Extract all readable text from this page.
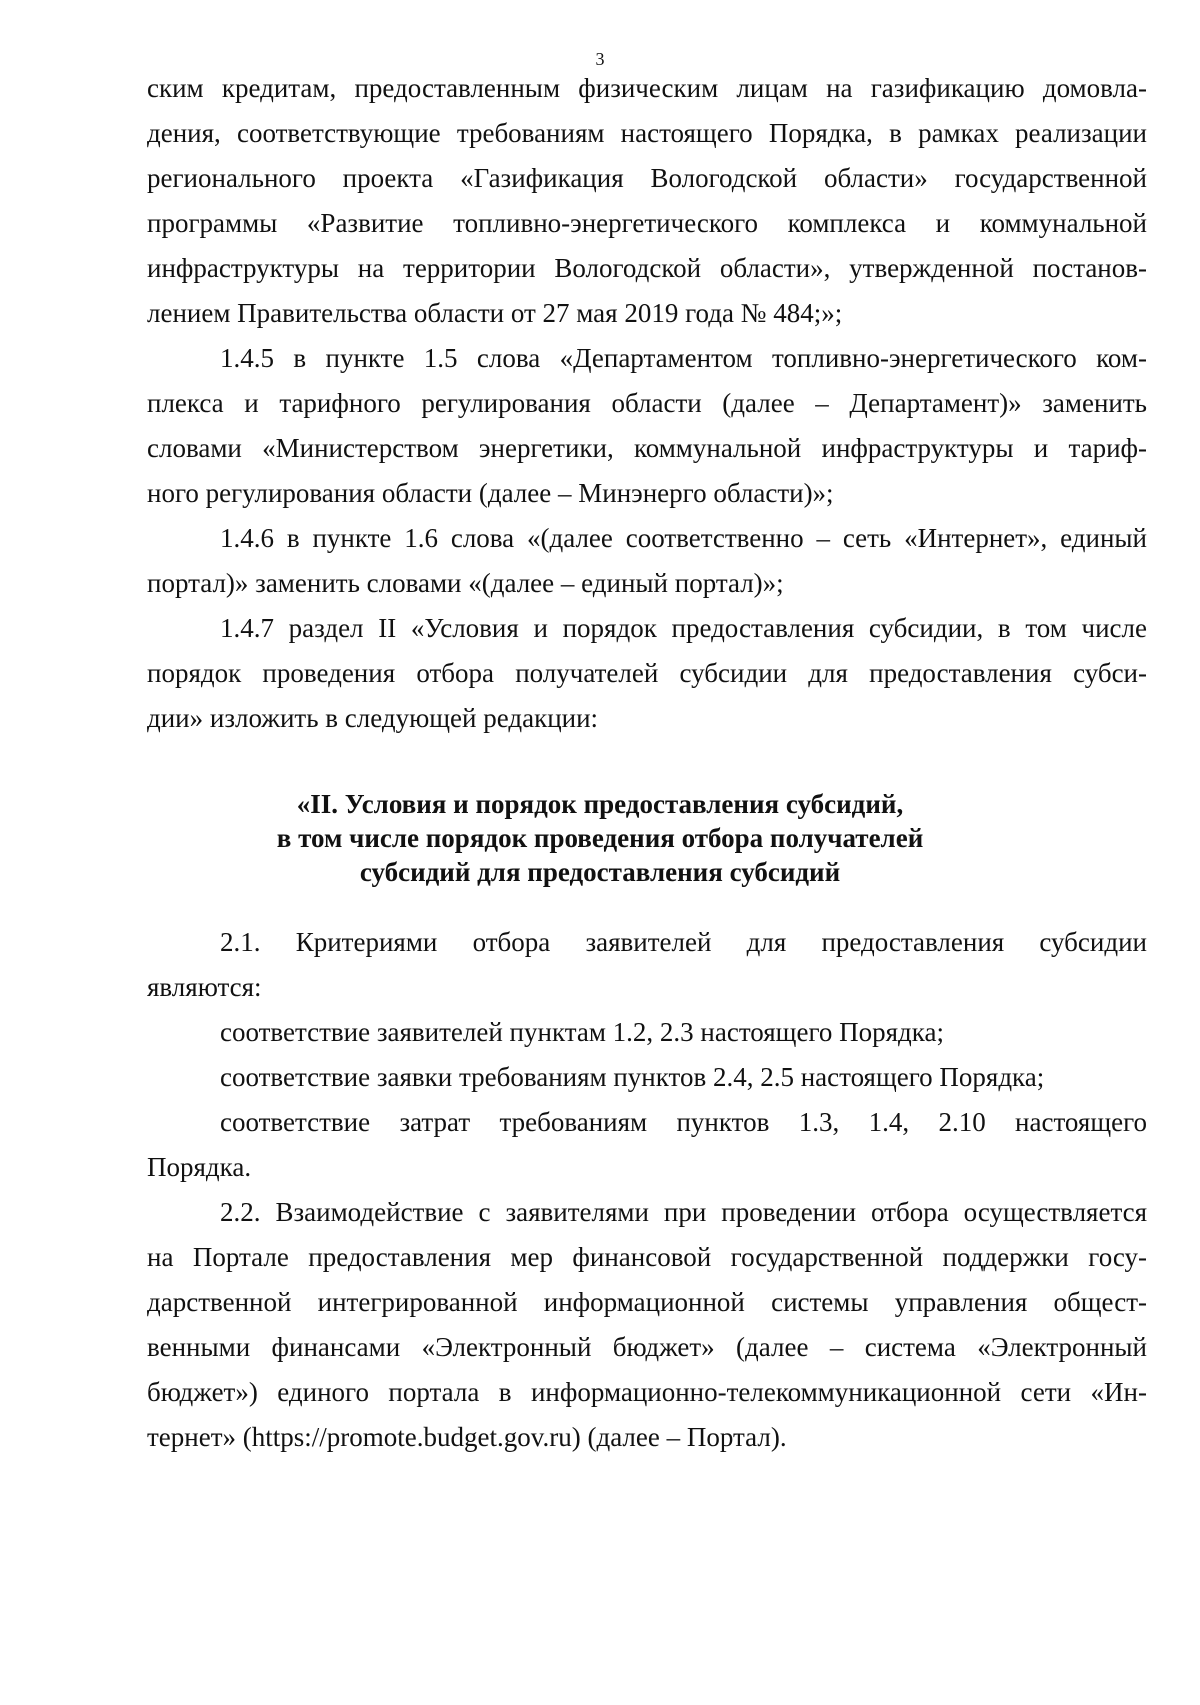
3
ским кредитам, предоставленным физическим лицам на газификацию домовла-
дения, соответствующие требованиям настоящего Порядка, в рамках реализации
регионального проекта «Газификация Вологодской области» государственной
программы «Развитие топливно-энергетического комплекса и коммунальной
инфраструктуры на территории Вологодской области», утвержденной постанов-
лением Правительства области от 27 мая 2019 года № 484;»;
1.4.5 в пункте 1.5 слова «Департаментом топливно-энергетического ком-
плекса и тарифного регулирования области (далее – Департамент)» заменить
словами «Министерством энергетики, коммунальной инфраструктуры и тариф-
ного регулирования области (далее – Минэнерго области)»;
1.4.6 в пункте 1.6 слова «(далее соответственно – сеть «Интернет», единый
портал)» заменить словами «(далее – единый портал)»;
1.4.7 раздел II «Условия и порядок предоставления субсидии, в том числе
порядок проведения отбора получателей субсидии для предоставления субси-
дии» изложить в следующей редакции:
«II. Условия и порядок предоставления субсидий,
в том числе порядок проведения отбора получателей
субсидий для предоставления субсидий
2.1. Критериями отбора заявителей для предоставления субсидии
являются:
соответствие заявителей пунктам 1.2, 2.3 настоящего Порядка;
соответствие заявки требованиям пунктов 2.4, 2.5 настоящего Порядка;
соответствие затрат требованиям пунктов 1.3, 1.4, 2.10 настоящего
Порядка.
2.2. Взаимодействие с заявителями при проведении отбора осуществляется
на Портале предоставления мер финансовой государственной поддержки госу-
дарственной интегрированной информационной системы управления общест-
венными финансами «Электронный бюджет» (далее – система «Электронный
бюджет») единого портала в информационно-телекоммуникационной сети «Ин-
тернет» (https://promote.budget.gov.ru) (далее – Портал).
